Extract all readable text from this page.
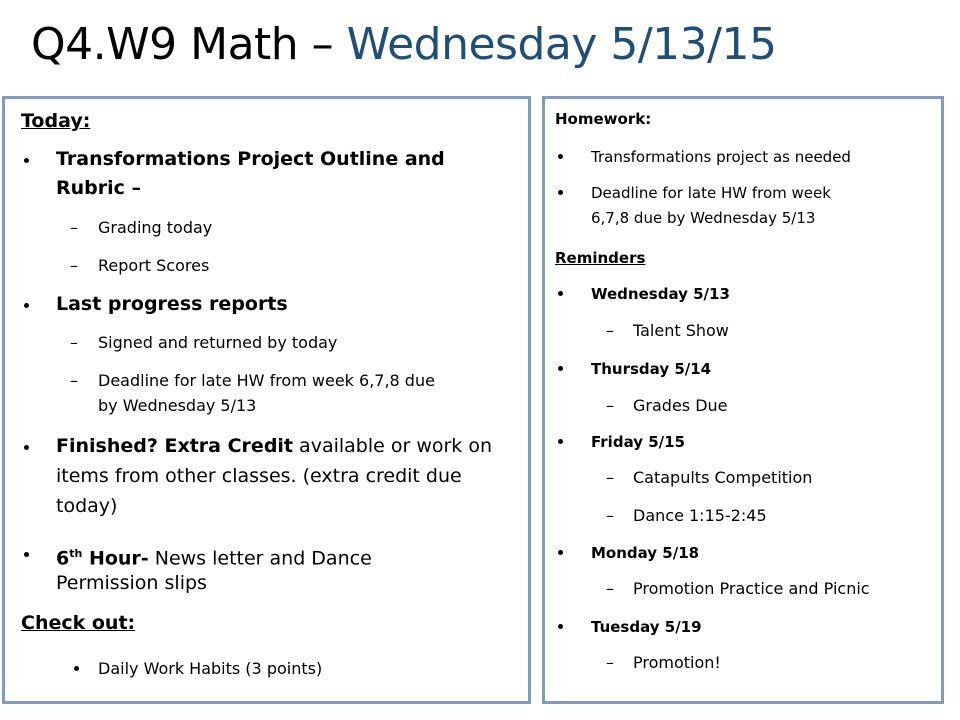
Q4.W9 Math – Wednesday 5/13/15
Today:
Transformations Project Outline and
Rubric –
– Grading today
– Report Scores
Last progress reports
– Signed and returned by today
– Deadline for late HW from week 6,7,8 due
by Wednesday 5/13
Finished? Extra Credit available or work on
items from other classes. (extra credit due
today)
6th Hour- News letter and Dance
Permission slips
Check out:
Daily Work Habits (3 points)
Homework:
Transformations project as needed
Deadline for late HW from week
6,7,8 due by Wednesday 5/13
Reminders
Wednesday 5/13
– Talent Show
Thursday 5/14
– Grades Due
Friday 5/15
– Catapults Competition
– Dance 1:15-2:45
Monday 5/18
– Promotion Practice and Picnic
Tuesday 5/19
– Promotion!
